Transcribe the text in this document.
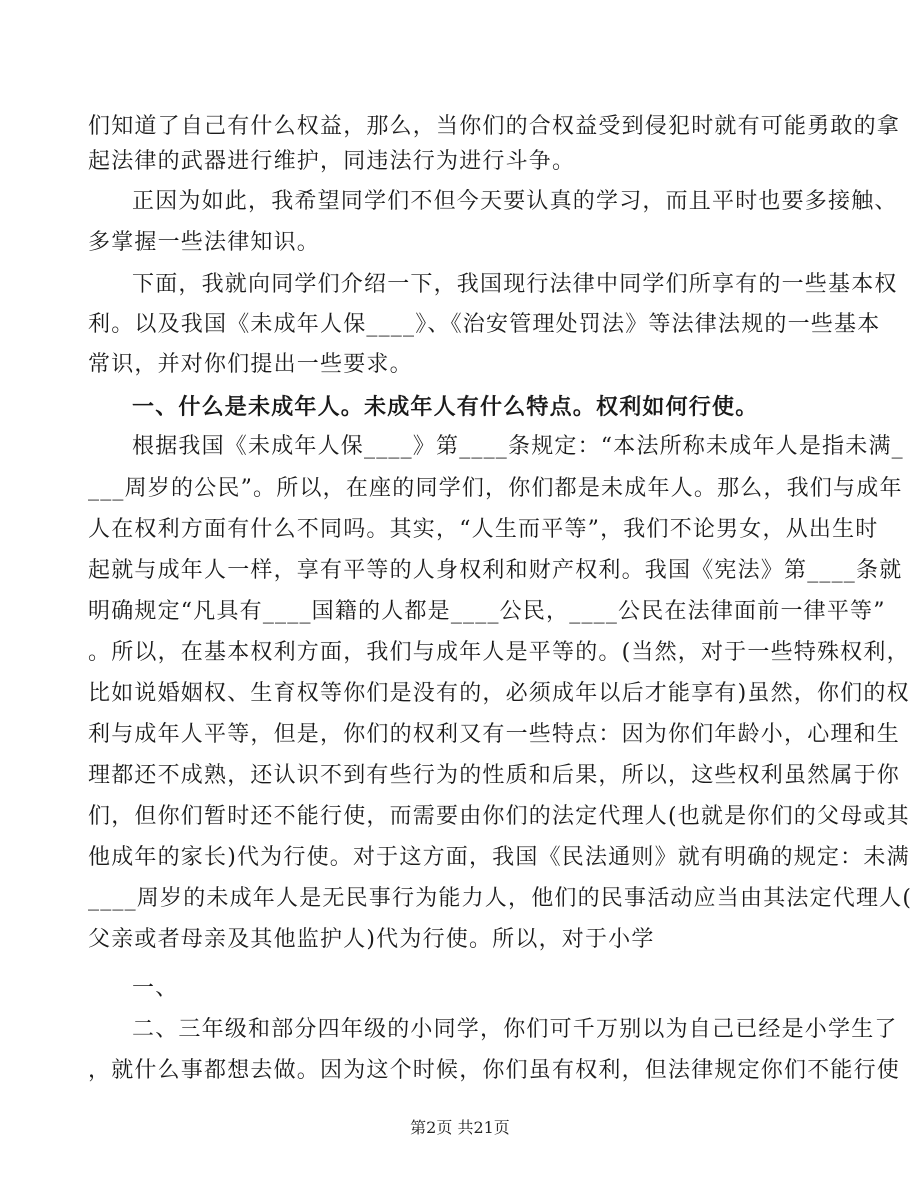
们知道了自己有什么权益，那么，当你们的合权益受到侵犯时就有可能勇敢的拿
起法律的武器进行维护，同违法行为进行斗争。
正因为如此，我希望同学们不但今天要认真的学习，而且平时也要多接触、
多掌握一些法律知识。
下面，我就向同学们介绍一下，我国现行法律中同学们所享有的一些基本权
利。以及我国《未成年人保____》、《治安管理处罚法》等法律法规的一些基本
常识，并对你们提出一些要求。
一、什么是未成年人。未成年人有什么特点。权利如何行使。
根据我国《未成年人保____》第____条规定：“本法所称未成年人是指未满_
___周岁的公民”。所以，在座的同学们，你们都是未成年人。那么，我们与成年
人在权利方面有什么不同吗。其实，“人生而平等”，我们不论男女，从出生时
起就与成年人一样，享有平等的人身权利和财产权利。我国《宪法》第____条就
明确规定“凡具有____国籍的人都是____公民，____公民在法律面前一律平等”
。所以，在基本权利方面，我们与成年人是平等的。(当然，对于一些特殊权利，
比如说婚姻权、生育权等你们是没有的，必须成年以后才能享有)虽然，你们的权
利与成年人平等，但是，你们的权利又有一些特点：因为你们年龄小，心理和生
理都还不成熟，还认识不到有些行为的性质和后果，所以，这些权利虽然属于你
们，但你们暂时还不能行使，而需要由你们的法定代理人(也就是你们的父母或其
他成年的家长)代为行使。对于这方面，我国《民法通则》就有明确的规定：未满
____周岁的未成年人是无民事行为能力人，他们的民事活动应当由其法定代理人(
父亲或者母亲及其他监护人)代为行使。所以，对于小学
一、
二、三年级和部分四年级的小同学，你们可千万别以为自己已经是小学生了
，就什么事都想去做。因为这个时候，你们虽有权利，但法律规定你们不能行使
第2页 共21页
